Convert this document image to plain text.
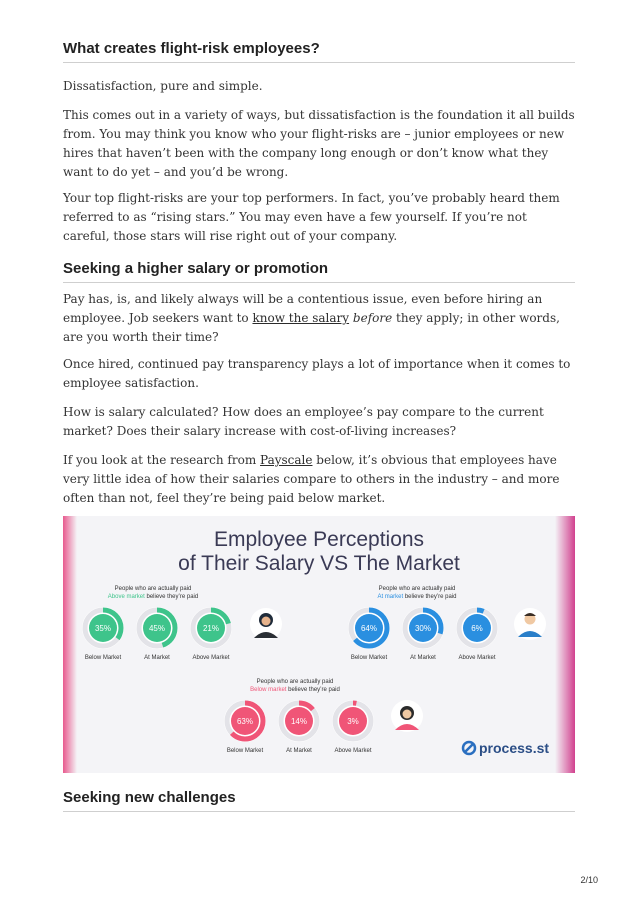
What creates flight-risk employees?

Dissatisfaction, pure and simple.

This comes out in a variety of ways, but dissatisfaction is the foundation it all builds from. You may think you know who your flight-risks are – junior employees or new hires that haven’t been with the company long enough or don’t know what they want to do yet – and you’d be wrong.

Your top flight-risks are your top performers. In fact, you’ve probably heard them referred to as “rising stars.” You may even have a few yourself. If you’re not careful, those stars will rise right out of your company.

Seeking a higher salary or promotion

Pay has, is, and likely always will be a contentious issue, even before hiring an employee. Job seekers want to know the salary before they apply; in other words, are you worth their time?

Once hired, continued pay transparency plays a lot of importance when it comes to employee satisfaction.

How is salary calculated? How does an employee’s pay compare to the current market? Does their salary increase with cost-of-living increases?

If you look at the research from Payscale below, it’s obvious that employees have very little idea of how their salaries compare to others in the industry – and more often than not, feel they’re being paid below market.

Seeking new challenges
Employee Perceptions
of Their Salary VS The Market
People who are actually paid
Above market believe they’re paid
35%
Below Market
45%
At Market
21%
Above Market
People who are actually paid
At market believe they’re paid
64%
Below Market
30%
At Market
6%
Above Market
People who are actually paid
Below market believe they’re paid
63%
Below Market
14%
At Market
3%
Above Market	process.st
2/10
